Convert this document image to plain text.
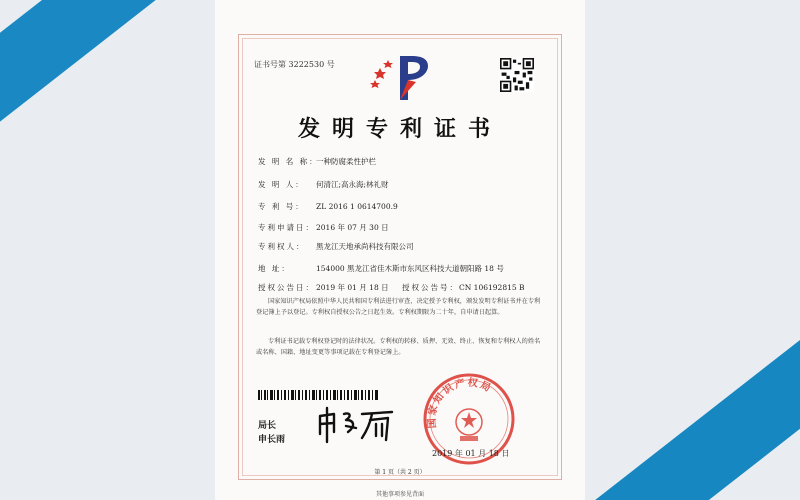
证书号第 3222530 号
发明专利证书
发 明 名 称：一种防腐柔性护栏
发 明 人： 何清江;高永海;林礼财
专 利 号： ZL 2016 1 0614700.9
专利申请日：2016 年 07 月 30 日
专利权人： 黑龙江天地承尚科技有限公司
地 址：	154000 黑龙江省佳木斯市东风区科技大道朝阳路 18 号
授权公告日：2019 年 01 月 18 日 授权公告号：CN 106192815 B
国家知识产权局依照中华人民共和国专利法进行审查，决定授予专利权，颁发发明专利证书并在专利登记簿上予以登记。专利权自授权公告之日起生效。专利权期限为二十年，自申请日起算。
专利证书记载专利权登记时的法律状况。专利权的转移、质押、无效、终止、恢复和专利权人的姓名或名称、国籍、地址变更等事项记载在专利登记簿上。
局长
申长雨
国家知识产权局
2019 年 01 月 18 日
第 1 页（共 2 页）
其他事项参见背面
